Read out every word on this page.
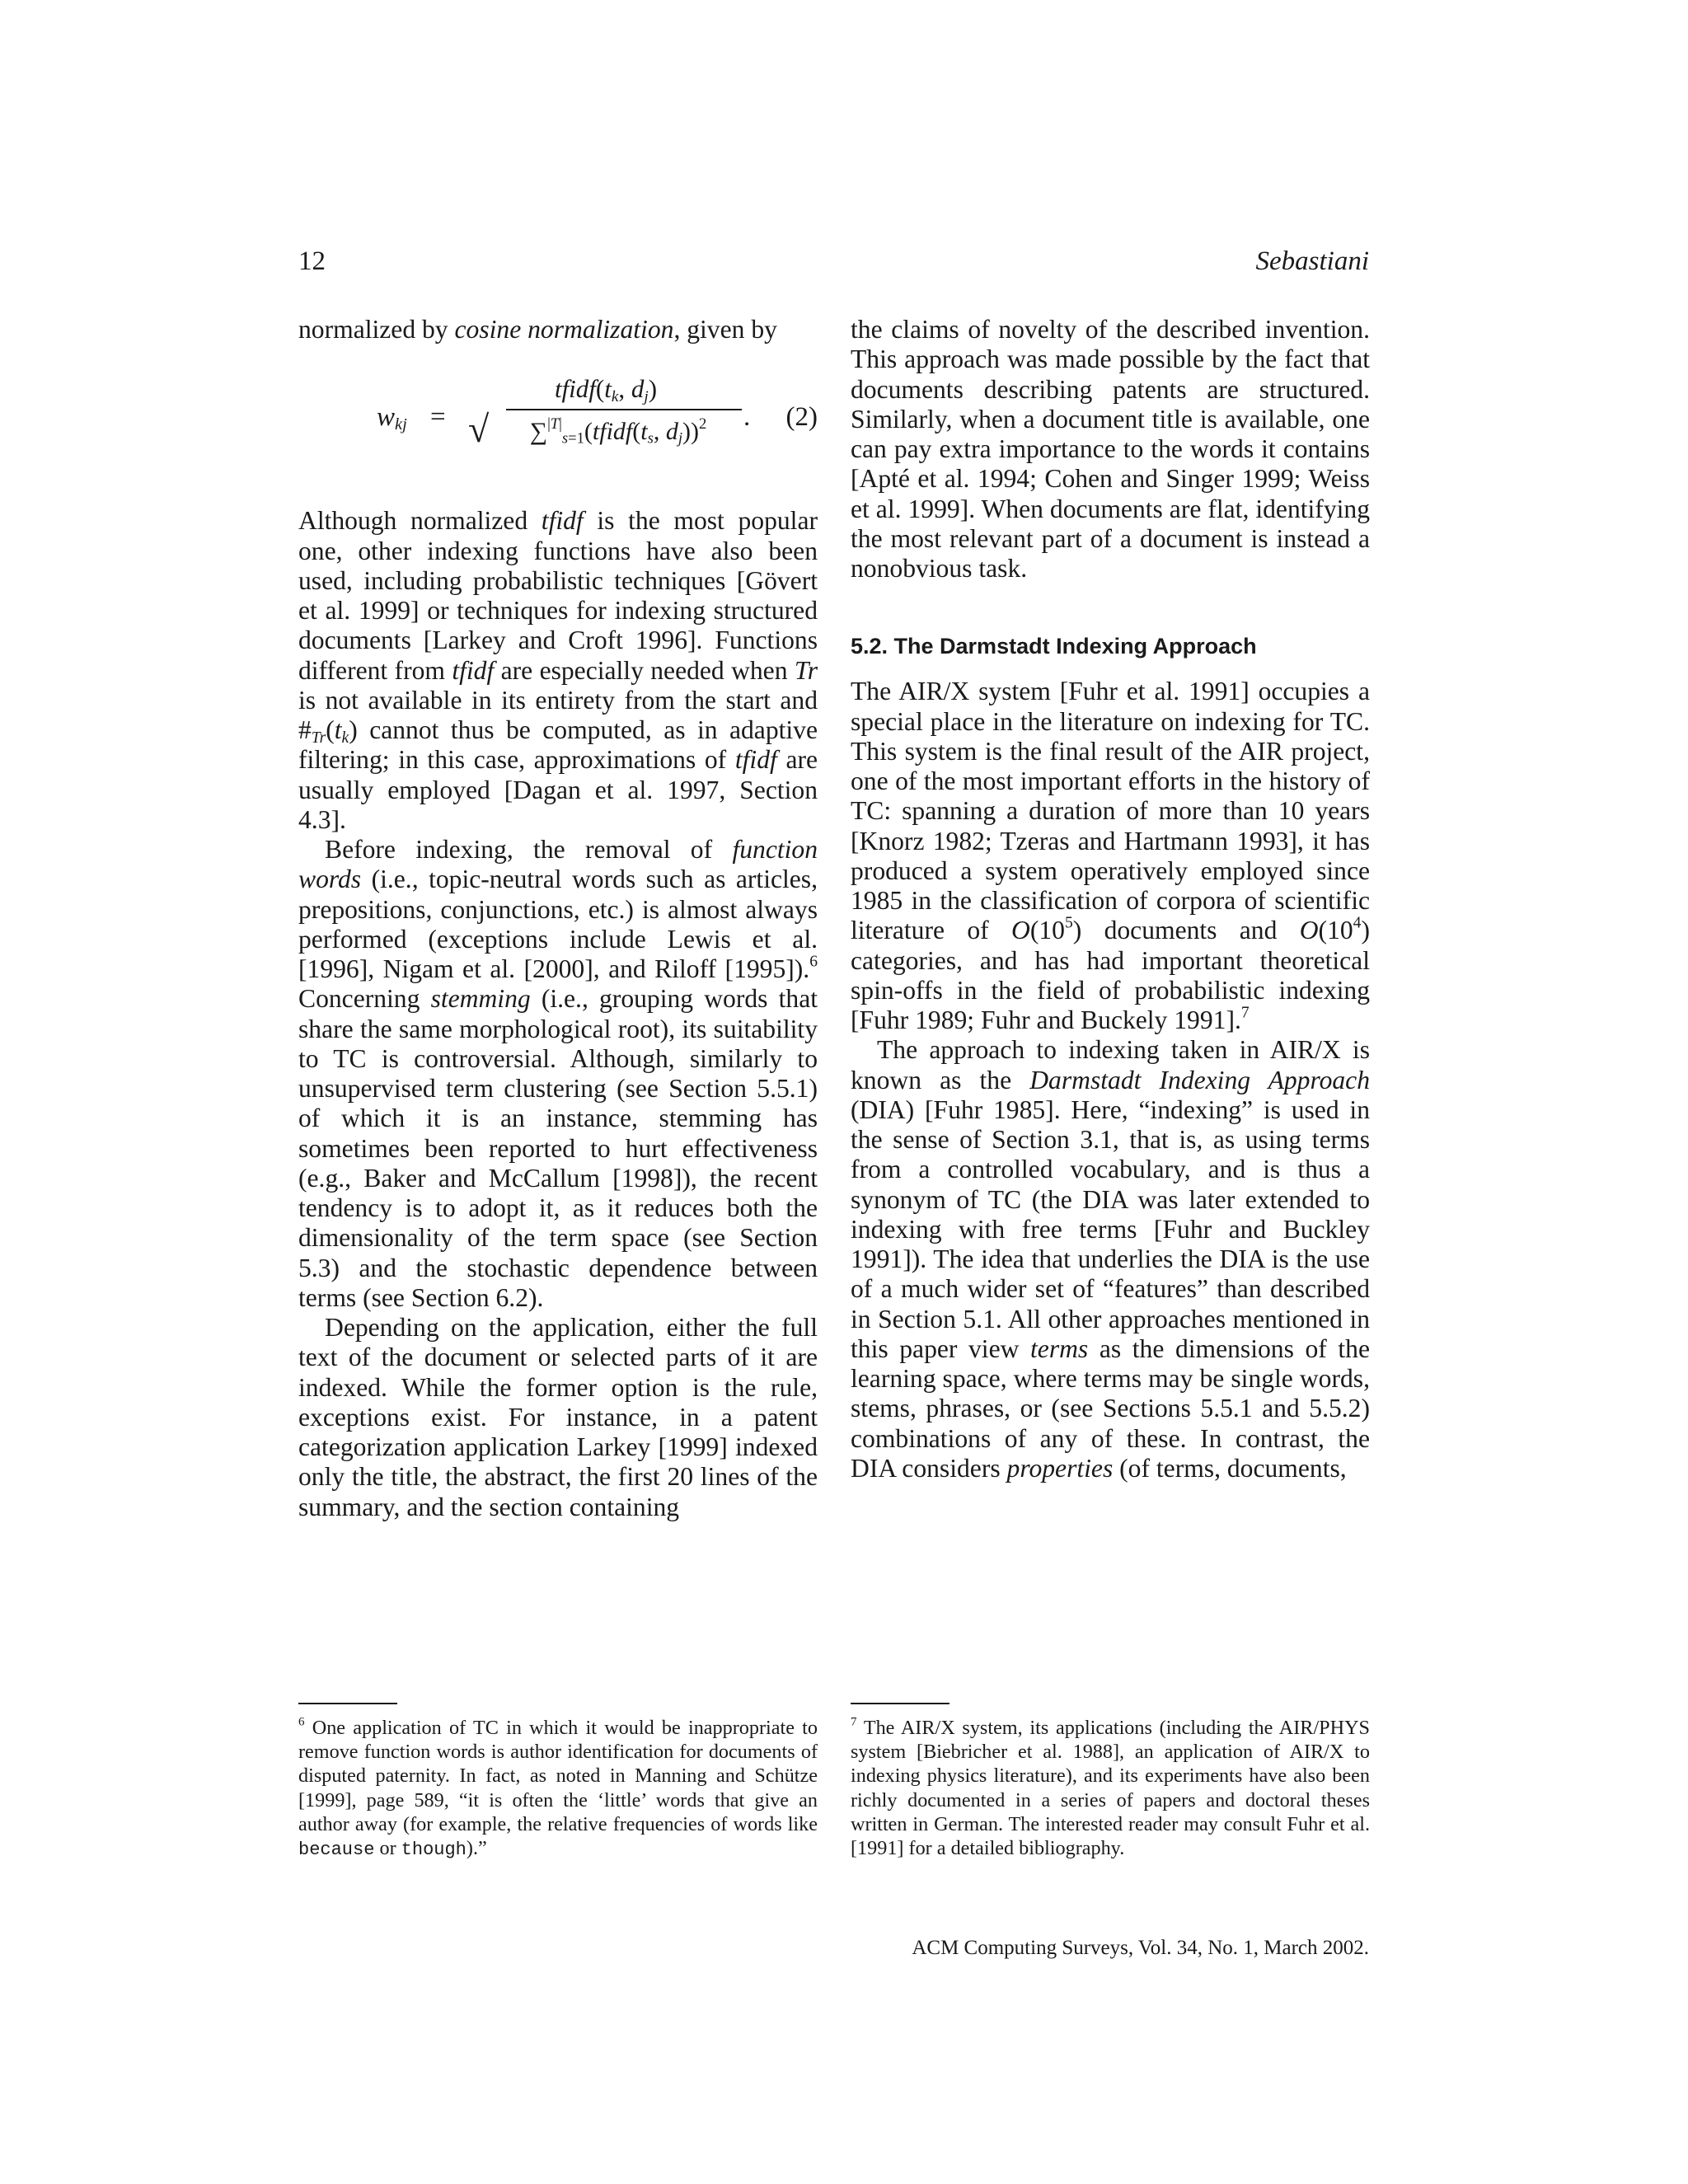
12	Sebastiani

normalized by cosine normalization, given by

$w_{kj}$ =
$tfidf(t_k$, $d_j$)
√ $\sum^{|T|}_{s=1}(tfidf(t_s$, $d_j))^2$	. (2)

Although normalized tfidf is the most popular one, other indexing functions have also been used, including probabilistic techniques [Gövert et al. 1999] or techniques for indexing structured documents [Larkey and Croft 1996]. Functions different from tfidf are especially needed when Tr is not available in its entirety from the start and $\#_{Tr}(t_k)$ cannot thus be computed, as in adaptive filtering; in this case, approximations of tfidf are usually employed [Dagan et al. 1997, Section 4.3].

Before indexing, the removal of function words (i.e., topic-neutral words such as articles, prepositions, conjunctions, etc.) is almost always performed (exceptions include Lewis et al. [1996], Nigam et al. [2000], and Riloff [1995]).$^6$ Concerning stemming (i.e., grouping words that share the same morphological root), its suitability to TC is controversial. Although, similarly to unsupervised term clustering (see Section 5.5.1) of which it is an instance, stemming has sometimes been reported to hurt effectiveness (e.g., Baker and McCallum [1998]), the recent tendency is to adopt it, as it reduces both the dimensionality of the term space (see Section 5.3) and the stochastic dependence between terms (see Section 6.2).

Depending on the application, either the full text of the document or selected parts of it are indexed. While the former option is the rule, exceptions exist. For instance, in a patent categorization application Larkey [1999] indexed only the title, the abstract, the first 20 lines of the summary, and the section containing

the claims of novelty of the described invention. This approach was made possible by the fact that documents describing patents are structured. Similarly, when a document title is available, one can pay extra importance to the words it contains [Apté et al. 1994; Cohen and Singer 1999; Weiss et al. 1999]. When documents are flat, identifying the most relevant part of a document is instead a nonobvious task.

5.2. The Darmstadt Indexing Approach

The AIR/X system [Fuhr et al. 1991] occupies a special place in the literature on indexing for TC. This system is the final result of the AIR project, one of the most important efforts in the history of TC: spanning a duration of more than 10 years [Knorz 1982; Tzeras and Hartmann 1993], it has produced a system operatively employed since 1985 in the classification of corpora of scientific literature of $O(10^5)$ documents and $O(10^4)$ categories, and has had important theoretical spin-offs in the field of probabilistic indexing [Fuhr 1989; Fuhr and Buckely 1991].$^7$

The approach to indexing taken in AIR/X is known as the Darmstadt Indexing Approach (DIA) [Fuhr 1985]. Here, “indexing” is used in the sense of Section 3.1, that is, as using terms from a controlled vocabulary, and is thus a synonym of TC (the DIA was later extended to indexing with free terms [Fuhr and Buckley 1991]). The idea that underlies the DIA is the use of a much wider set of “features” than described in Section 5.1. All other approaches mentioned in this paper view terms as the dimensions of the learning space, where terms may be single words, stems, phrases, or (see Sections 5.5.1 and 5.5.2) combinations of any of these. In contrast, the DIA considers properties (of terms, documents,

$^6$ One application of TC in which it would be inappropriate to remove function words is author identification for documents of disputed paternity. In fact, as noted in Manning and Schütze [1999], page 589, “it is often the ‘little’ words that give an author away (for example, the relative frequencies of words like because or though).”

$^7$ The AIR/X system, its applications (including the AIR/PHYS system [Biebricher et al. 1988], an application of AIR/X to indexing physics literature), and its experiments have also been richly documented in a series of papers and doctoral theses written in German. The interested reader may consult Fuhr et al. [1991] for a detailed bibliography.

ACM Computing Surveys, Vol. 34, No. 1, March 2002.
